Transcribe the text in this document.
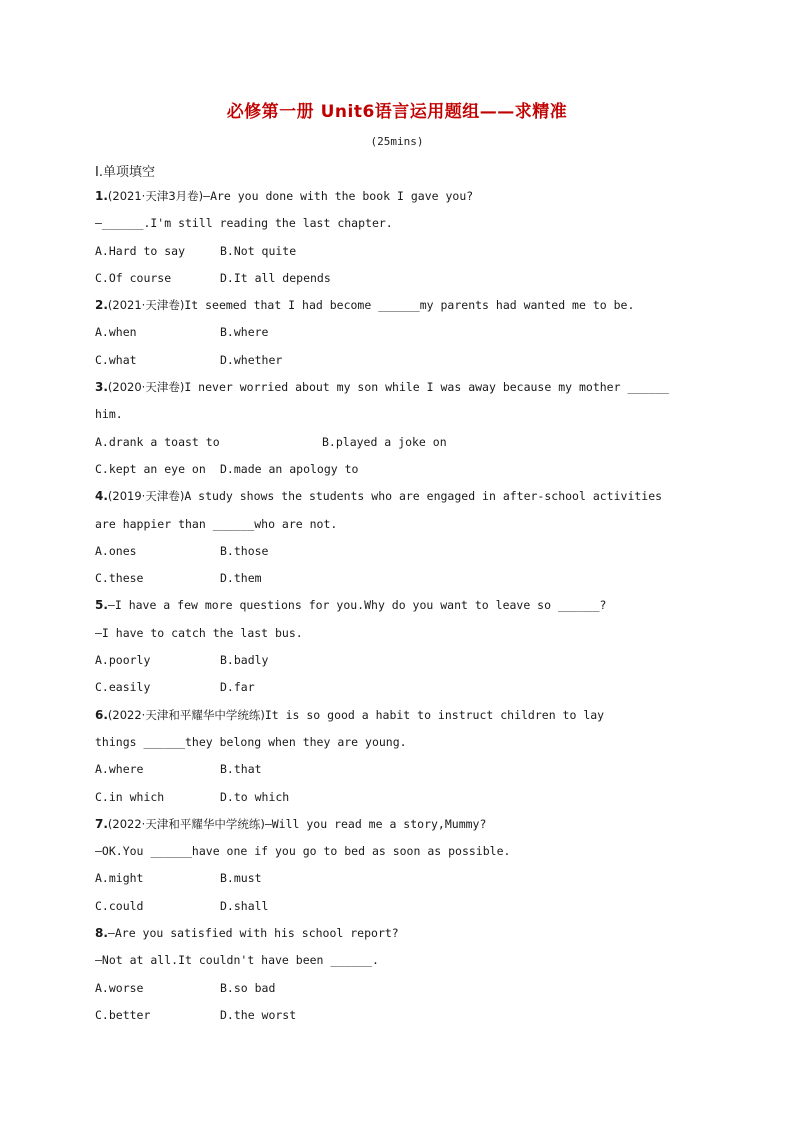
必修第一册 Unit6语言运用题组——求精准
(25mins)
Ⅰ.单项填空
1.(2021·天津3月卷)—Are you done with the book I gave you?
—______.I'm still reading the last chapter.
A.Hard to say	B.Not quite
C.Of course	D.It all depends
2.(2021·天津卷)It seemed that I had become ______my parents had wanted me to be.
A.when	B.where
C.what	D.whether
3.(2020·天津卷)I never worried about my son while I was away because my mother ______
him.
A.drank a toast to	B.played a joke on
C.kept an eye on D.made an apology to
4.(2019·天津卷)A study shows the students who are engaged in after-school activities
are happier than ______who are not.
A.ones	B.those
C.these	D.them
5.—I have a few more questions for you.Why do you want to leave so ______?
—I have to catch the last bus.
A.poorly	B.badly
C.easily	D.far
6.(2022·天津和平耀华中学统练)It is so good a habit to instruct children to lay
things ______they belong when they are young.
A.where	B.that
C.in which	D.to which
7.(2022·天津和平耀华中学统练)—Will you read me a story,Mummy?
—OK.You ______have one if you go to bed as soon as possible.
A.might	B.must
C.could	D.shall
8.—Are you satisfied with his school report?
—Not at all.It couldn't have been ______.
A.worse	B.so bad
C.better	D.the worst
